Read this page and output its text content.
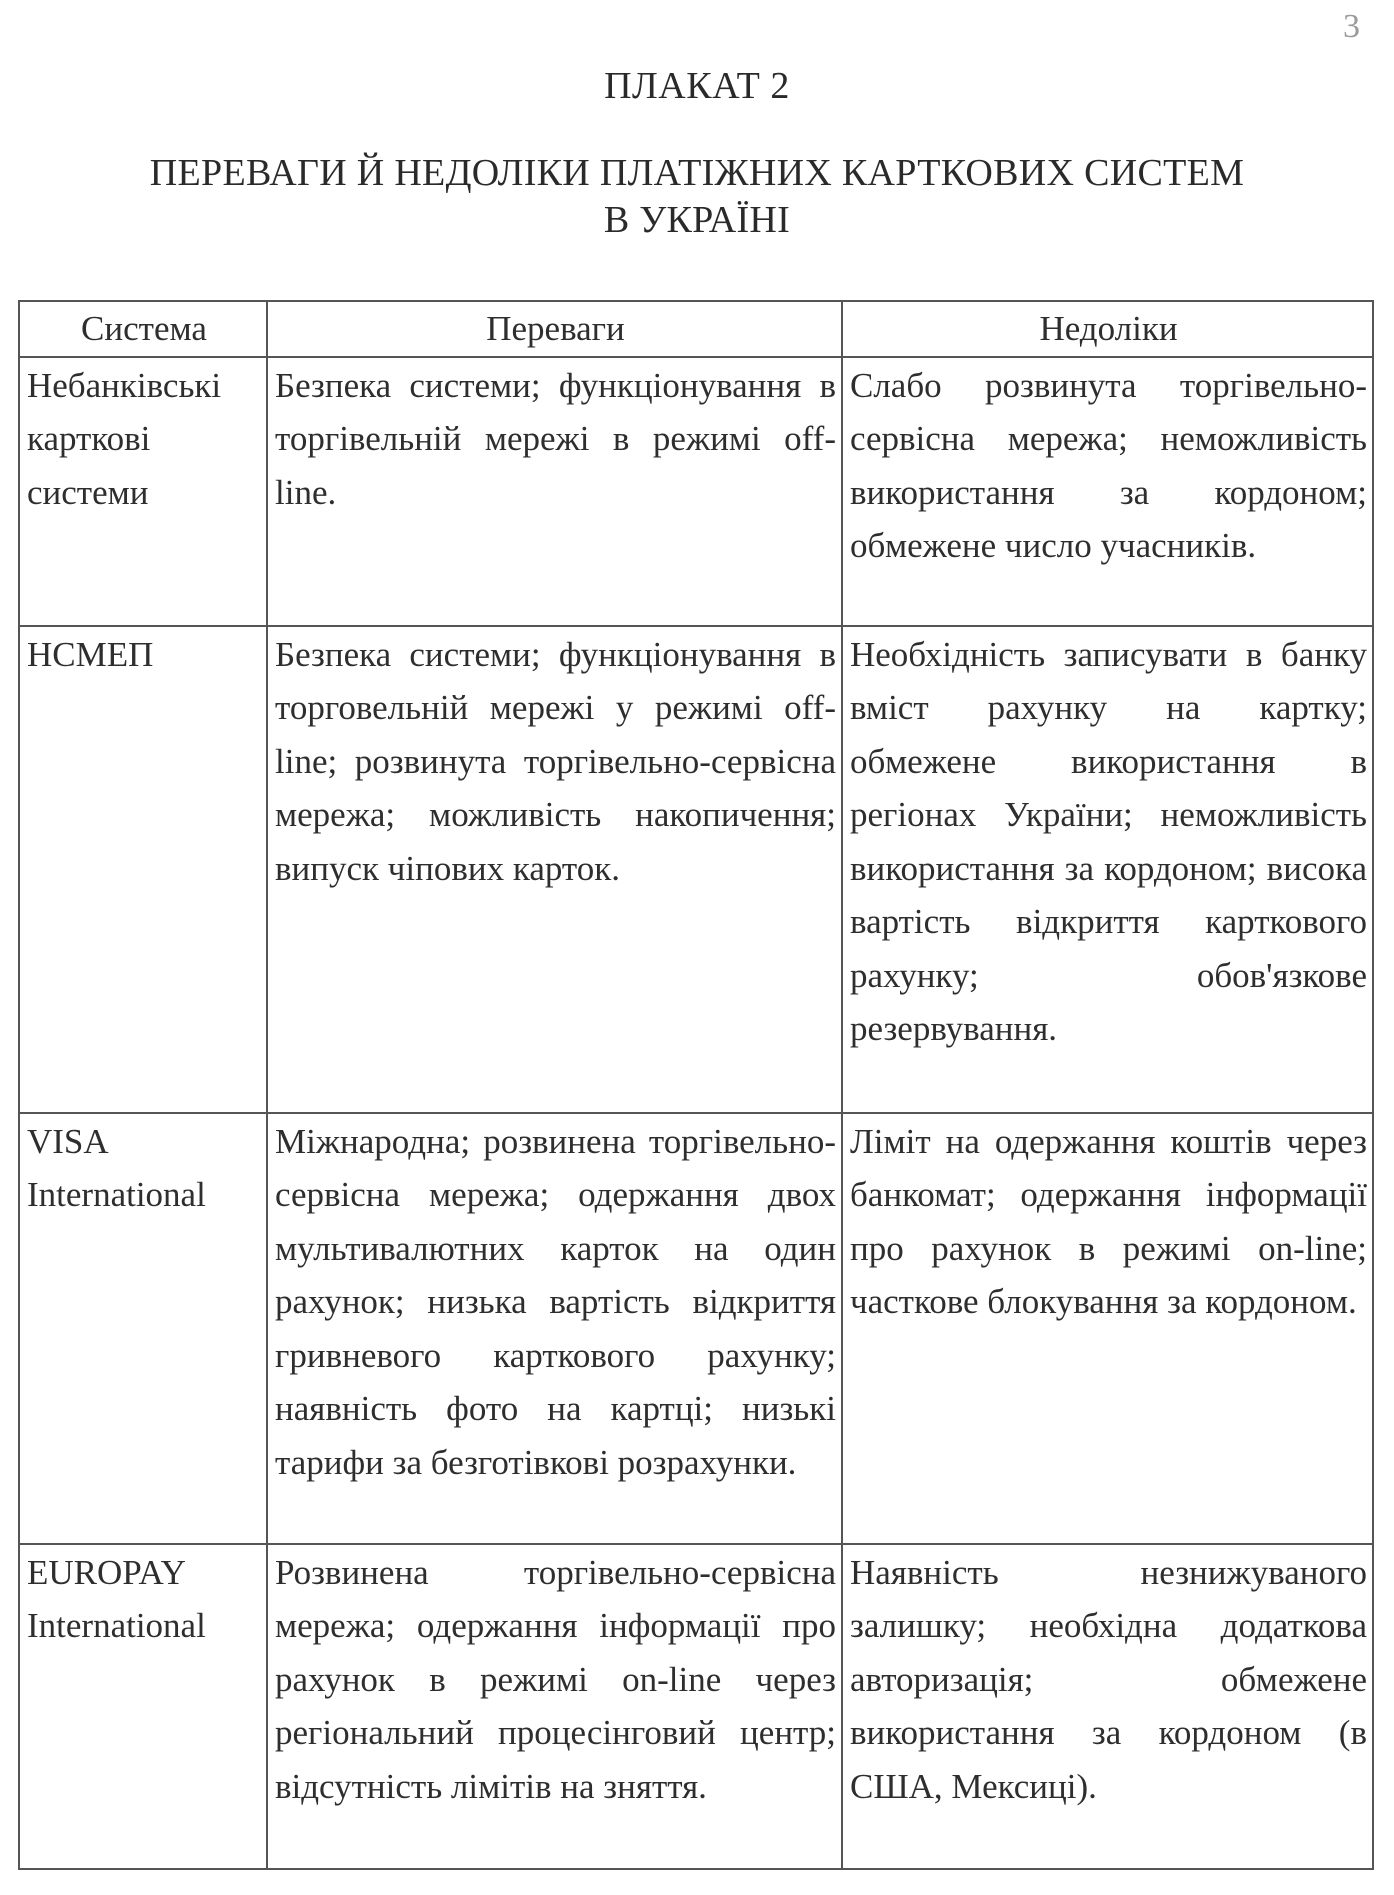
3
ПЛАКАТ 2
ПЕРЕВАГИ Й НЕДОЛІКИ ПЛАТІЖНИХ КАРТКОВИХ СИСТЕМ
В УКРАЇНІ
Система	Переваги	Недоліки
Небанківські карткові системи	Безпека системи; функціонування в торгівельній мережі в режимі off-line.	Слабо розвинута торгівельно-сервісна мережа; неможливість використання за кордоном; обмежене число учасників.
НСМЕП	Безпека системи; функціонування в торговельній мережі у режимі off-line; розвинута торгівельно-сервісна мережа; можливість накопичення; випуск чіпових карток.	Необхідність записувати в банку вміст рахунку на картку; обмежене використання в регіонах України; неможливість використання за кордоном; висока вартість відкриття карткового рахунку; обов'язкове резервування.
VISA International	Міжнародна; розвинена торгівельно-сервісна мережа; одержання двох мультивалютних карток на один рахунок; низька вартість відкриття гривневого карткового рахунку; наявність фото на картці; низькі тарифи за безготівкові розрахунки.	Ліміт на одержання коштів через банкомат; одержання інформації про рахунок в режимі on-line; часткове блокування за кордоном.
EUROPAY International	Розвинена торгівельно-сервісна мережа; одержання інформації про рахунок в режимі on-line через регіональний процесінговий центр; відсутність лімітів на зняття.	Наявність незнижуваного залишку; необхідна додаткова авторизація; обмежене використання за кордоном (в США, Мексиці).
